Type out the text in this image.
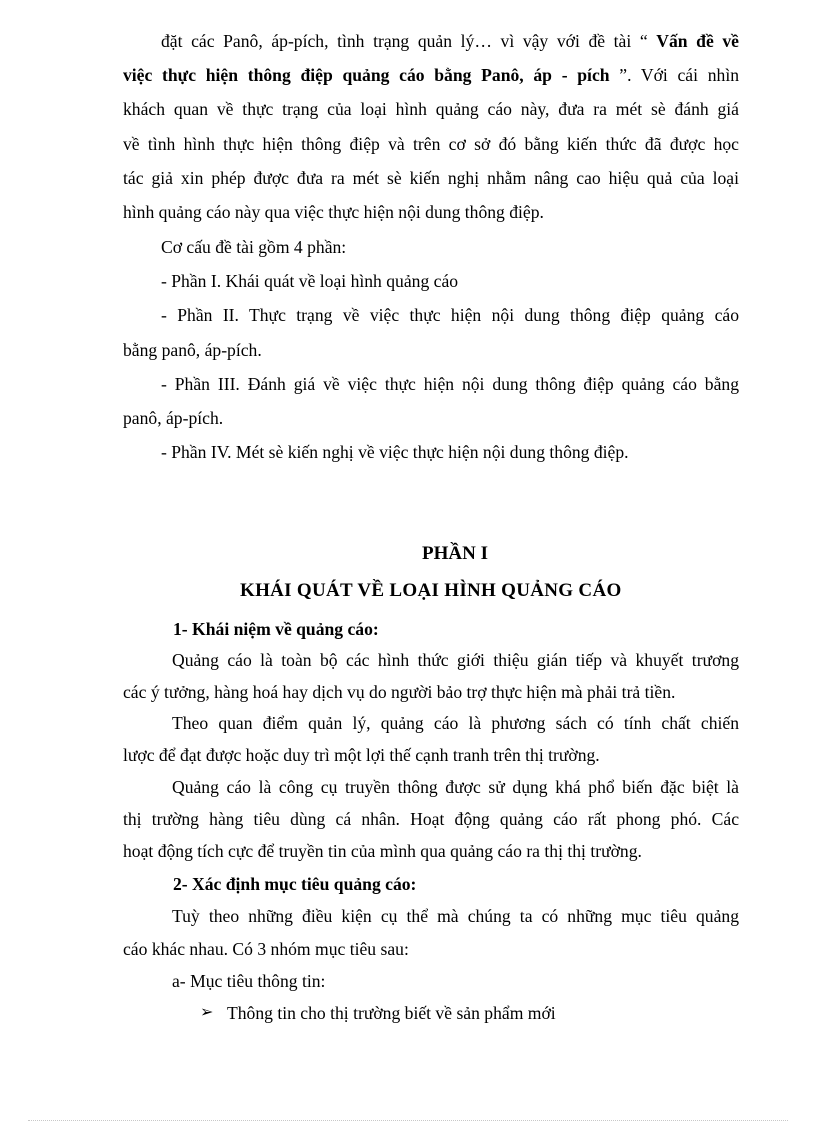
đặt các Panô, áp-pích, tình trạng quản lý… vì vậy với đề tài “ Vấn đề về
việc thực hiện thông điệp quảng cáo bằng Panô, áp - pích ”. Với cái nhìn
khách quan về thực trạng của loại hình quảng cáo này, đưa ra mét sè đánh giá
về tình hình thực hiện thông điệp và trên cơ sở đó bằng kiến thức đã được học
tác giả xin phép được đưa ra mét sè kiến nghị nhằm nâng cao hiệu quả của loại
hình quảng cáo này qua việc thực hiện nội dung thông điệp.
Cơ cấu đề tài gồm 4 phần:
- Phần I. Khái quát về loại hình quảng cáo
- Phần II. Thực trạng về việc thực hiện nội dung thông điệp quảng cáo
bằng panô, áp-pích.
- Phần III. Đánh giá về việc thực hiện nội dung thông điệp quảng cáo bằng
panô, áp-pích.
- Phần IV. Mét sè kiến nghị về việc thực hiện nội dung thông điệp.
PHẦN I
KHÁI QUÁT VỀ LOẠI HÌNH QUẢNG CÁO
1- Khái niệm về quảng cáo:
Quảng cáo là toàn bộ các hình thức giới thiệu gián tiếp và khuyết trương
các ý tưởng, hàng hoá hay dịch vụ do người bảo trợ thực hiện mà phải trả tiền.
Theo quan điểm quản lý, quảng cáo là phương sách có tính chất chiến
lược để đạt được hoặc duy trì một lợi thế cạnh tranh trên thị trường.
Quảng cáo là công cụ truyền thông được sử dụng khá phổ biến đặc biệt là
thị trường hàng tiêu dùng cá nhân. Hoạt động quảng cáo rất phong phó. Các
hoạt động tích cực để truyền tin của mình qua quảng cáo ra thị thị trường.
2- Xác định mục tiêu quảng cáo:
Tuỳ theo những điều kiện cụ thể mà chúng ta có những mục tiêu quảng
cáo khác nhau. Có 3 nhóm mục tiêu sau:
a- Mục tiêu thông tin:
➢ Thông tin cho thị trường biết về sản phẩm mới
